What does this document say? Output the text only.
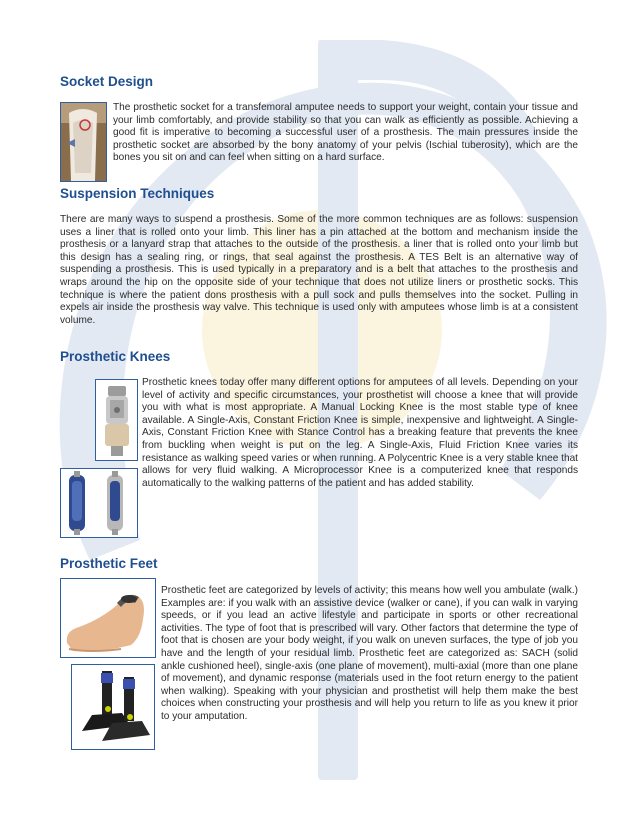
Socket Design

The prosthetic socket for a transfemoral amputee needs to support your weight, contain your tissue and your limb comfortably, and provide stability so that you can walk as efficiently as possible. Achieving a good fit is imperative to becoming a successful user of a prosthesis. The main pressures inside the prosthetic socket are absorbed by the bony anatomy of your pelvis (Ischial tuberosity), which are the bones you sit on and can feel when sitting on a hard surface.

Suspension Techniques

There are many ways to suspend a prosthesis. Some of the more common techniques are as follows: suspension uses a liner that is rolled onto your limb. This liner has a pin attached at the bottom and mechanism inside the prosthesis or a lanyard strap that attaches to the outside of the prosthesis. a liner that is rolled onto your limb but this design has a sealing ring, or rings, that seal against the prosthesis. A TES Belt is an alternative way of suspending a prosthesis. This is used typically in a preparatory and is a belt that attaches to the prosthesis and wraps around the hip on the opposite side of your technique that does not utilize liners or prosthetic socks. This technique is where the patient dons prosthesis with a pull sock and pulls themselves into the socket. Pulling in expels air inside the prosthesis way valve. This technique is used only with amputees whose limb is at a consistent volume.

Prosthetic Knees

Prosthetic knees today offer many different options for amputees of all levels. Depending on your level of activity and specific circumstances, your prosthetist will choose a knee that will provide you with what is most appropriate. A Manual Locking Knee is the most stable type of knee available. A Single-Axis, Constant Friction Knee is simple, inexpensive and lightweight. A Single-Axis, Constant Friction Knee with Stance Control has a breaking feature that prevents the knee from buckling when weight is put on the leg. A Single-Axis, Fluid Friction Knee varies its resistance as walking speed varies or when running. A Polycentric Knee is a very stable knee that allows for very fluid walking. A Microprocessor Knee is a computerized knee that responds automatically to the walking patterns of the patient and has added stability.

Prosthetic Feet

Prosthetic feet are categorized by levels of activity; this means how well you ambulate (walk.) Examples are: if you walk with an assistive device (walker or cane), if you can walk in varying speeds, or if you lead an active lifestyle and participate in sports or other recreational activities. The type of foot that is prescribed will vary. Other factors that determine the type of foot that is chosen are your body weight, if you walk on uneven surfaces, the type of job you have and the length of your residual limb. Prosthetic feet are categorized as: SACH (solid ankle cushioned heel), single-axis (one plane of movement), multi-axial (more than one plane of movement), and dynamic response (materials used in the foot return energy to the patient when walking). Speaking with your physician and prosthetist will help them make the best choices when constructing your prosthesis and will help you return to life as you knew it prior to your amputation.
